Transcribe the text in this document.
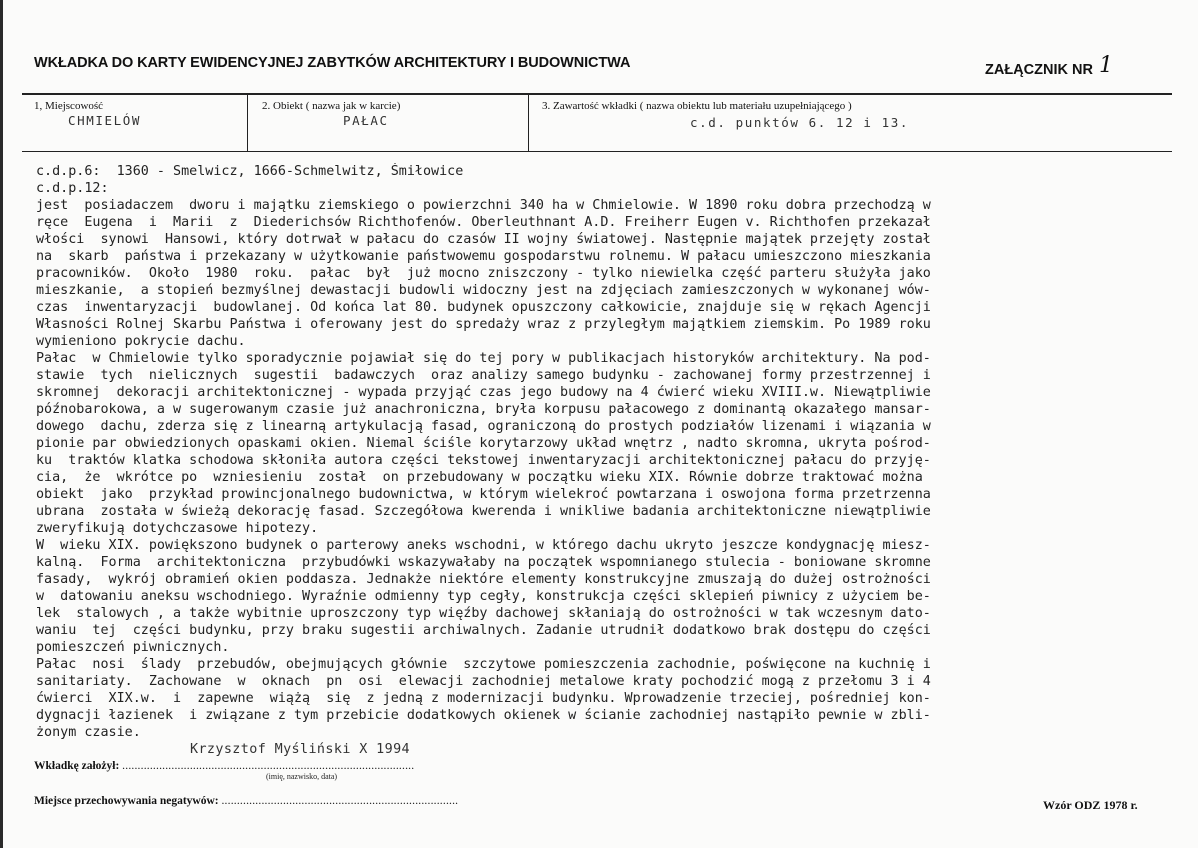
WKŁADKA DO KARTY EWIDENCYJNEJ ZABYTKÓW ARCHITEKTURY I BUDOWNICTWA	ZAŁĄCZNIK NR 1
1, Miejscowość
CHMIELÓW
2. Obiekt ( nazwa jak w karcie)
PAŁAC
3. Zawartość wkładki ( nazwa obiektu lub materiału uzupełniającego )
c.d. punktów 6. 12 i 13.
c.d.p.6:  1360 - Smelwicz, 1666-Schmelwitz, Śmiłowice
c.d.p.12:
jest  posiadaczem  dworu i majątku ziemskiego o powierzchni 340 ha w Chmielowie. W 1890 roku dobra przechodzą w
ręce  Eugena  i  Marii  z  Diederichsów Richthofenów. Oberleuthnant A.D. Freiherr Eugen v. Richthofen przekazał
włości  synowi  Hansowi, który dotrwał w pałacu do czasów II wojny światowej. Następnie majątek przejęty został
na  skarb  państwa i przekazany w użytkowanie państwowemu gospodarstwu rolnemu. W pałacu umieszczono mieszkania
pracowników.  Około  1980  roku.  pałac  był  już mocno zniszczony - tylko niewielka część parteru służyła jako
mieszkanie,  a stopień bezmyślnej dewastacji budowli widoczny jest na zdjęciach zamieszczonych w wykonanej wów-
czas  inwentaryzacji  budowlanej. Od końca lat 80. budynek opuszczony całkowicie, znajduje się w rękach Agencji
Własności Rolnej Skarbu Państwa i oferowany jest do spredaży wraz z przyległym majątkiem ziemskim. Po 1989 roku
wymieniono pokrycie dachu.
Pałac  w Chmielowie tylko sporadycznie pojawiał się do tej pory w publikacjach historyków architektury. Na pod-
stawie  tych  nielicznych  sugestii  badawczych  oraz analizy samego budynku - zachowanej formy przestrzennej i
skromnej  dekoracji architektonicznej - wypada przyjąć czas jego budowy na 4 ćwierć wieku XVIII.w. Niewątpliwie
późnobarokowa, a w sugerowanym czasie już anachroniczna, bryła korpusu pałacowego z dominantą okazałego mansar-
dowego  dachu, zderza się z linearną artykulacją fasad, ograniczoną do prostych podziałów lizenami i wiązania w
pionie par obwiedzionych opaskami okien. Niemal ściśle korytarzowy układ wnętrz , nadto skromna, ukryta pośrod-
ku  traktów klatka schodowa skłoniła autora części tekstowej inwentaryzacji architektonicznej pałacu do przyję-
cia,  że  wkrótce po  wzniesieniu  został  on przebudowany w początku wieku XIX. Równie dobrze traktować można
obiekt  jako  przykład prowincjonalnego budownictwa, w którym wielekroć powtarzana i oswojona forma przetrzenna
ubrana  została w świeżą dekorację fasad. Szczegółowa kwerenda i wnikliwe badania architektoniczne niewątpliwie
zweryfikują dotychczasowe hipotezy.
W  wieku XIX. powiększono budynek o parterowy aneks wschodni, w którego dachu ukryto jeszcze kondygnację miesz-
kalną.  Forma  architektoniczna  przybudówki wskazywałaby na początek wspomnianego stulecia - boniowane skromne
fasady,  wykrój obramień okien poddasza. Jednakże niektóre elementy konstrukcyjne zmuszają do dużej ostrożności
w  datowaniu aneksu wschodniego. Wyraźnie odmienny typ cegły, konstrukcja części sklepień piwnicy z użyciem be-
lek  stalowych , a także wybitnie uproszczony typ więźby dachowej skłaniają do ostrożności w tak wczesnym dato-
waniu  tej  części budynku, przy braku sugestii archiwalnych. Zadanie utrudnił dodatkowo brak dostępu do części
pomieszczeń piwnicznych.
Pałac  nosi  ślady  przebudów, obejmujących głównie  szczytowe pomieszczenia zachodnie, poświęcone na kuchnię i
sanitariaty.  Zachowane  w  oknach  pn  osi  elewacji zachodniej metalowe kraty pochodzić mogą z przełomu 3 i 4
ćwierci  XIX.w.  i  zapewne  wiążą  się  z jedną z modernizacji budynku. Wprowadzenie trzeciej, pośredniej kon-
dygnacji łazienek  i związane z tym przebicie dodatkowych okienek w ścianie zachodniej nastąpiło pewnie w zbli-
żonym czasie.
Krzysztof Myśliński X 1994
Wkładkę założył: ...............................................................................................
(imię, nazwisko, data)
Miejsce przechowywania negatywów: .............................................................................	Wzór ODZ 1978 r.
